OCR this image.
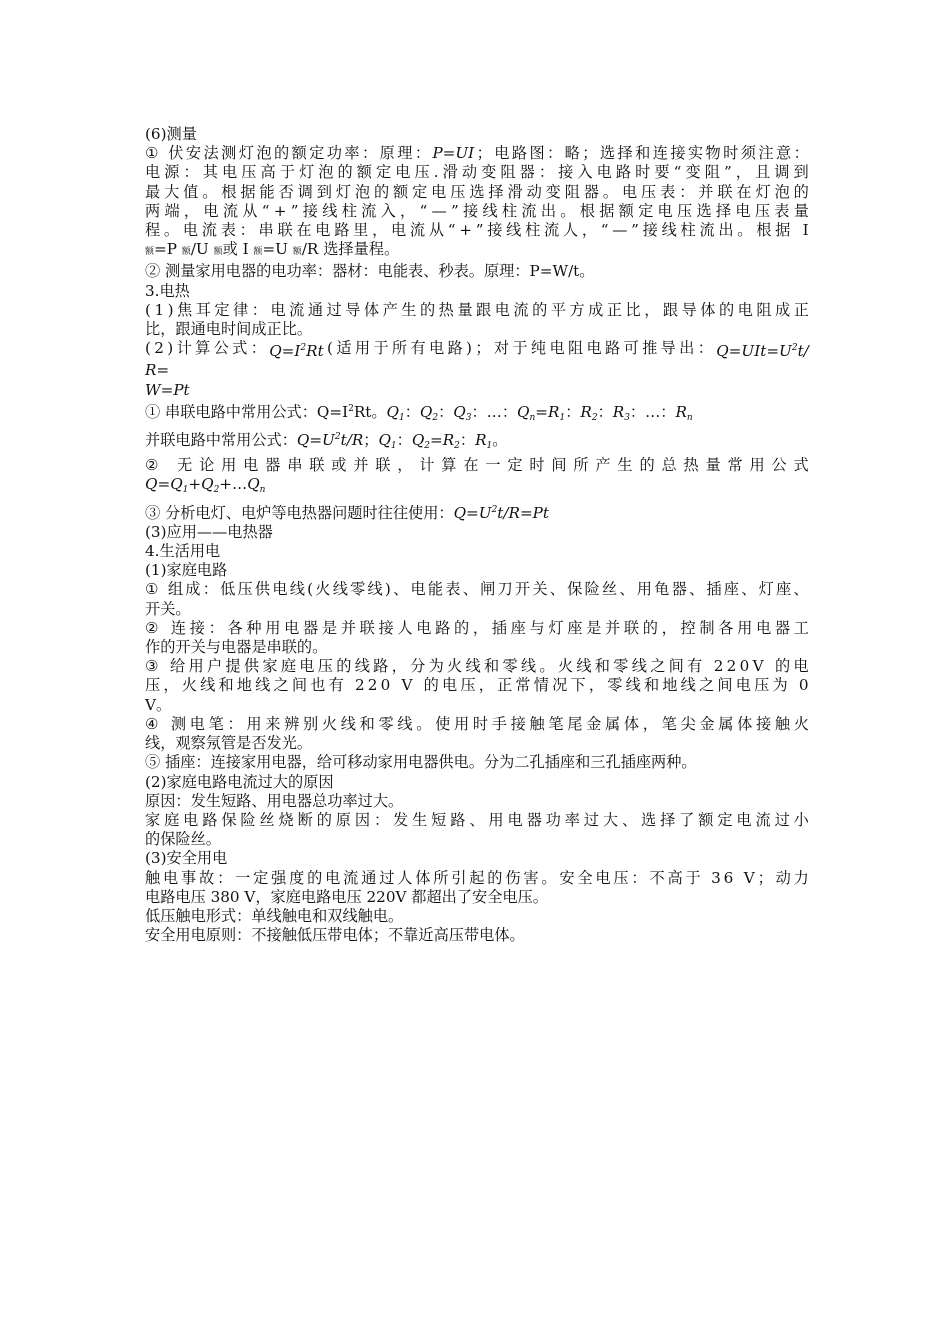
(6)测量
①
伏 安 法 测 灯 泡 的 额 定 功 率 ： 原 理 ： P=UI ； 电 路 图 ： 略 ； 选 择 和 连 接 实 物 时 须 注 意 ：
电 源 ： 其 电 压 高 于 灯 泡 的 额 定 电 压 . 滑 动 变 阻 器 ： 接 入 电 路 时 要 “ 变 阻 ” ， 且 调 到
最 大 值 。 根 据 能 否 调 到 灯 泡 的 额 定 电 压 选 择 滑 动 变 阻 器 。 电 压 表 ： 并 联 在 灯 泡 的
两 端 ， 电 流 从 “ + ” 接 线 柱 流 入 ， “ — ” 接 线 柱 流 出 。 根 据 额 定 电 压 选 择 电 压 表 量
程 。 电 流 表 ： 串 联 在 电 路 里 ， 电 流 从 “ + ” 接 线 柱 流 人 ， “ — ” 接 线 柱 流 出 。 根 据
I
额=P 额/U 额或 I 额=U 额/R 选择量程。
② 测量家用电器的电功率：器材：电能表、秒表。原理：P=W/t。
3.电热
( 1 ) 焦 耳 定 律 ： 电 流 通 过 导 体 产 生 的 热 量 跟 电 流 的 平 方 成 正 比 ， 跟 导 体 的 电 阻 成 正
比，跟通电时间成正比。
( 2 ) 计 算 公 式 ： $Q=I^2Rt$ ( 适 用 于 所 有 电 路 ) ； 对 于 纯 电 阻 电 路 可 推 导 出 ： $Q=UIt=U^2t/$
R=
W=Pt
① 串联电路中常用公式：$Q=I^2Rt$。$Q_1$：$Q_2$：$Q_3$：…：$Q_n=R_1$：$R_2$：$R_3$：…：$R_n$
并联电路中常用公式：$Q=U^2t/R$；$Q_1$：$Q_2=R_2$：$R_1$。
②
无 论 用 电 器 串 联 或 并 联 ， 计 算 在 一 定 时 间 所 产 生 的 总 热 量 常 用 公 式
$Q=Q_1+Q_2+\dots Q_n$
③ 分析电灯、电炉等电热器问题时往往使用：$Q=U^2t/R=Pt$
(3)应用——电热器
4.生活用电
(1)家庭电路
①
组 成 ： 低 压 供 电 线 ( 火 线 零 线 ) 、 电 能 表 、 闸 刀 开 关 、 保 险 丝 、 用 龟 器 、 插 座 、 灯 座 、
开关。
②
连 接 ： 各 种 用 电 器 是 并 联 接 人 电 路 的 ， 插 座 与 灯 座 是 并 联 的 ， 控 制 各 用 电 器 工
作的开关与电器是串联的。
③
给 用 户 提 供 家 庭 电 压 的 线 路 ， 分 为 火 线 和 零 线 。 火 线 和 零 线 之 间 有
2 2 0 V
的 电
压 ， 火 线 和 地 线 之 间 也 有
2 2 0
V
的 电 压 ， 正 常 情 况 下 ， 零 线 和 地 线 之 间 电 压 为
0
V。
④
测 电 笔 ： 用 来 辨 别 火 线 和 零 线 。 使 用 时 手 接 触 笔 尾 金 属 体 ， 笔 尖 金 属 体 接 触 火
线，观察氖管是否发光。
⑤ 插座：连接家用电器，给可移动家用电器供电。分为二孔插座和三孔插座两种。
(2)家庭电路电流过大的原因
原因：发生短路、用电器总功率过大。
家 庭 电 路 保 险 丝 烧 断 的 原 因 ： 发 生 短 路 、 用 电 器 功 率 过 大 、 选 择 了 额 定 电 流 过 小
的保险丝。
(3)安全用电
触 电 事 故 ： 一 定 强 度 的 电 流 通 过 人 体 所 引 起 的 伤 害 。 安 全 电 压 ： 不 高 于
3 6
V ； 动 力
电路电压 380 V，家庭电路电压 220V 都超出了安全电压。
低压触电形式：单线触电和双线触电。
安全用电原则：不接触低压带电体；不靠近高压带电体。
